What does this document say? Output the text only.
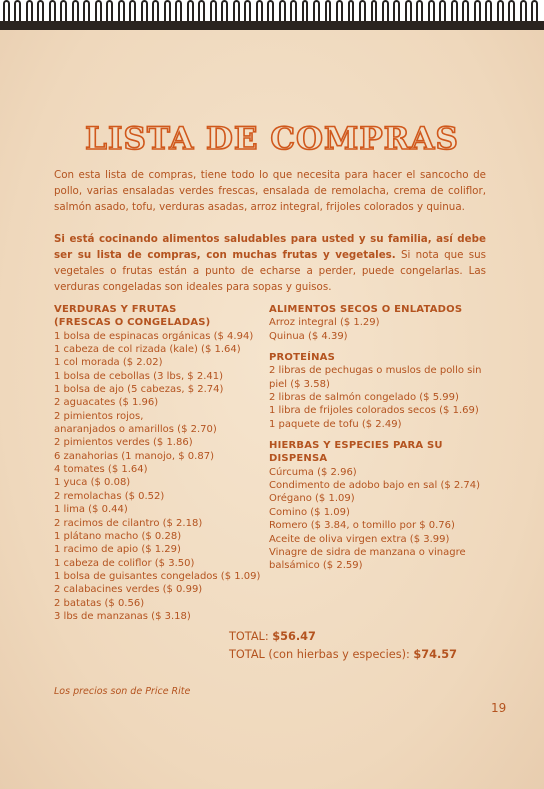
LISTA DE COMPRAS
Con esta lista de compras, tiene todo lo que necesita para hacer el sancocho de pollo, varias ensaladas verdes frescas, ensalada de remolacha, crema de coliflor, salmón asado, tofu, verduras asadas, arroz integral, frijoles colorados y quinua.
Si está cocinando alimentos saludables para usted y su familia, así debe ser su lista de compras, con muchas frutas y vegetales. Si nota que sus vegetales o frutas están a punto de echarse a perder, puede congelarlas. Las verduras congeladas son ideales para sopas y guisos.
VERDURAS Y FRUTAS
(FRESCAS O CONGELADAS)
1 bolsa de espinacas orgánicas ($ 4.94)
1 cabeza de col rizada (kale) ($ 1.64)
1 col morada ($ 2.02)
1 bolsa de cebollas (3 lbs, $ 2.41)
1 bolsa de ajo (5 cabezas, $ 2.74)
2 aguacates ($ 1.96)
2 pimientos rojos,
anaranjados o amarillos ($ 2.70)
2 pimientos verdes ($ 1.86)
6 zanahorias (1 manojo, $ 0.87)
4 tomates ($ 1.64)
1 yuca ($ 0.08)
2 remolachas ($ 0.52)
1 lima ($ 0.44)
2 racimos de cilantro ($ 2.18)
1 plátano macho ($ 0.28)
1 racimo de apio ($ 1.29)
1 cabeza de coliflor ($ 3.50)
1 bolsa de guisantes congelados ($ 1.09)
2 calabacines verdes ($ 0.99)
2 batatas ($ 0.56)
3 lbs de manzanas ($ 3.18)
ALIMENTOS SECOS O ENLATADOS
Arroz integral ($ 1.29)
Quinua ($ 4.39)
PROTEÍNAS
2 libras de pechugas o muslos de pollo sin
piel ($ 3.58)
2 libras de salmón congelado ($ 5.99)
1 libra de frijoles colorados secos ($ 1.69)
1 paquete de tofu ($ 2.49)
HIERBAS Y ESPECIES PARA SU DISPENSA
Cúrcuma ($ 2.96)
Condimento de adobo bajo en sal ($ 2.74)
Orégano ($ 1.09)
Comino ($ 1.09)
Romero ($ 3.84, o tomillo por $ 0.76)
Aceite de oliva virgen extra ($ 3.99)
Vinagre de sidra de manzana o vinagre
balsámico ($ 2.59)
TOTAL: $56.47
TOTAL (con hierbas y especies): $74.57
Los precios son de Price Rite
19
